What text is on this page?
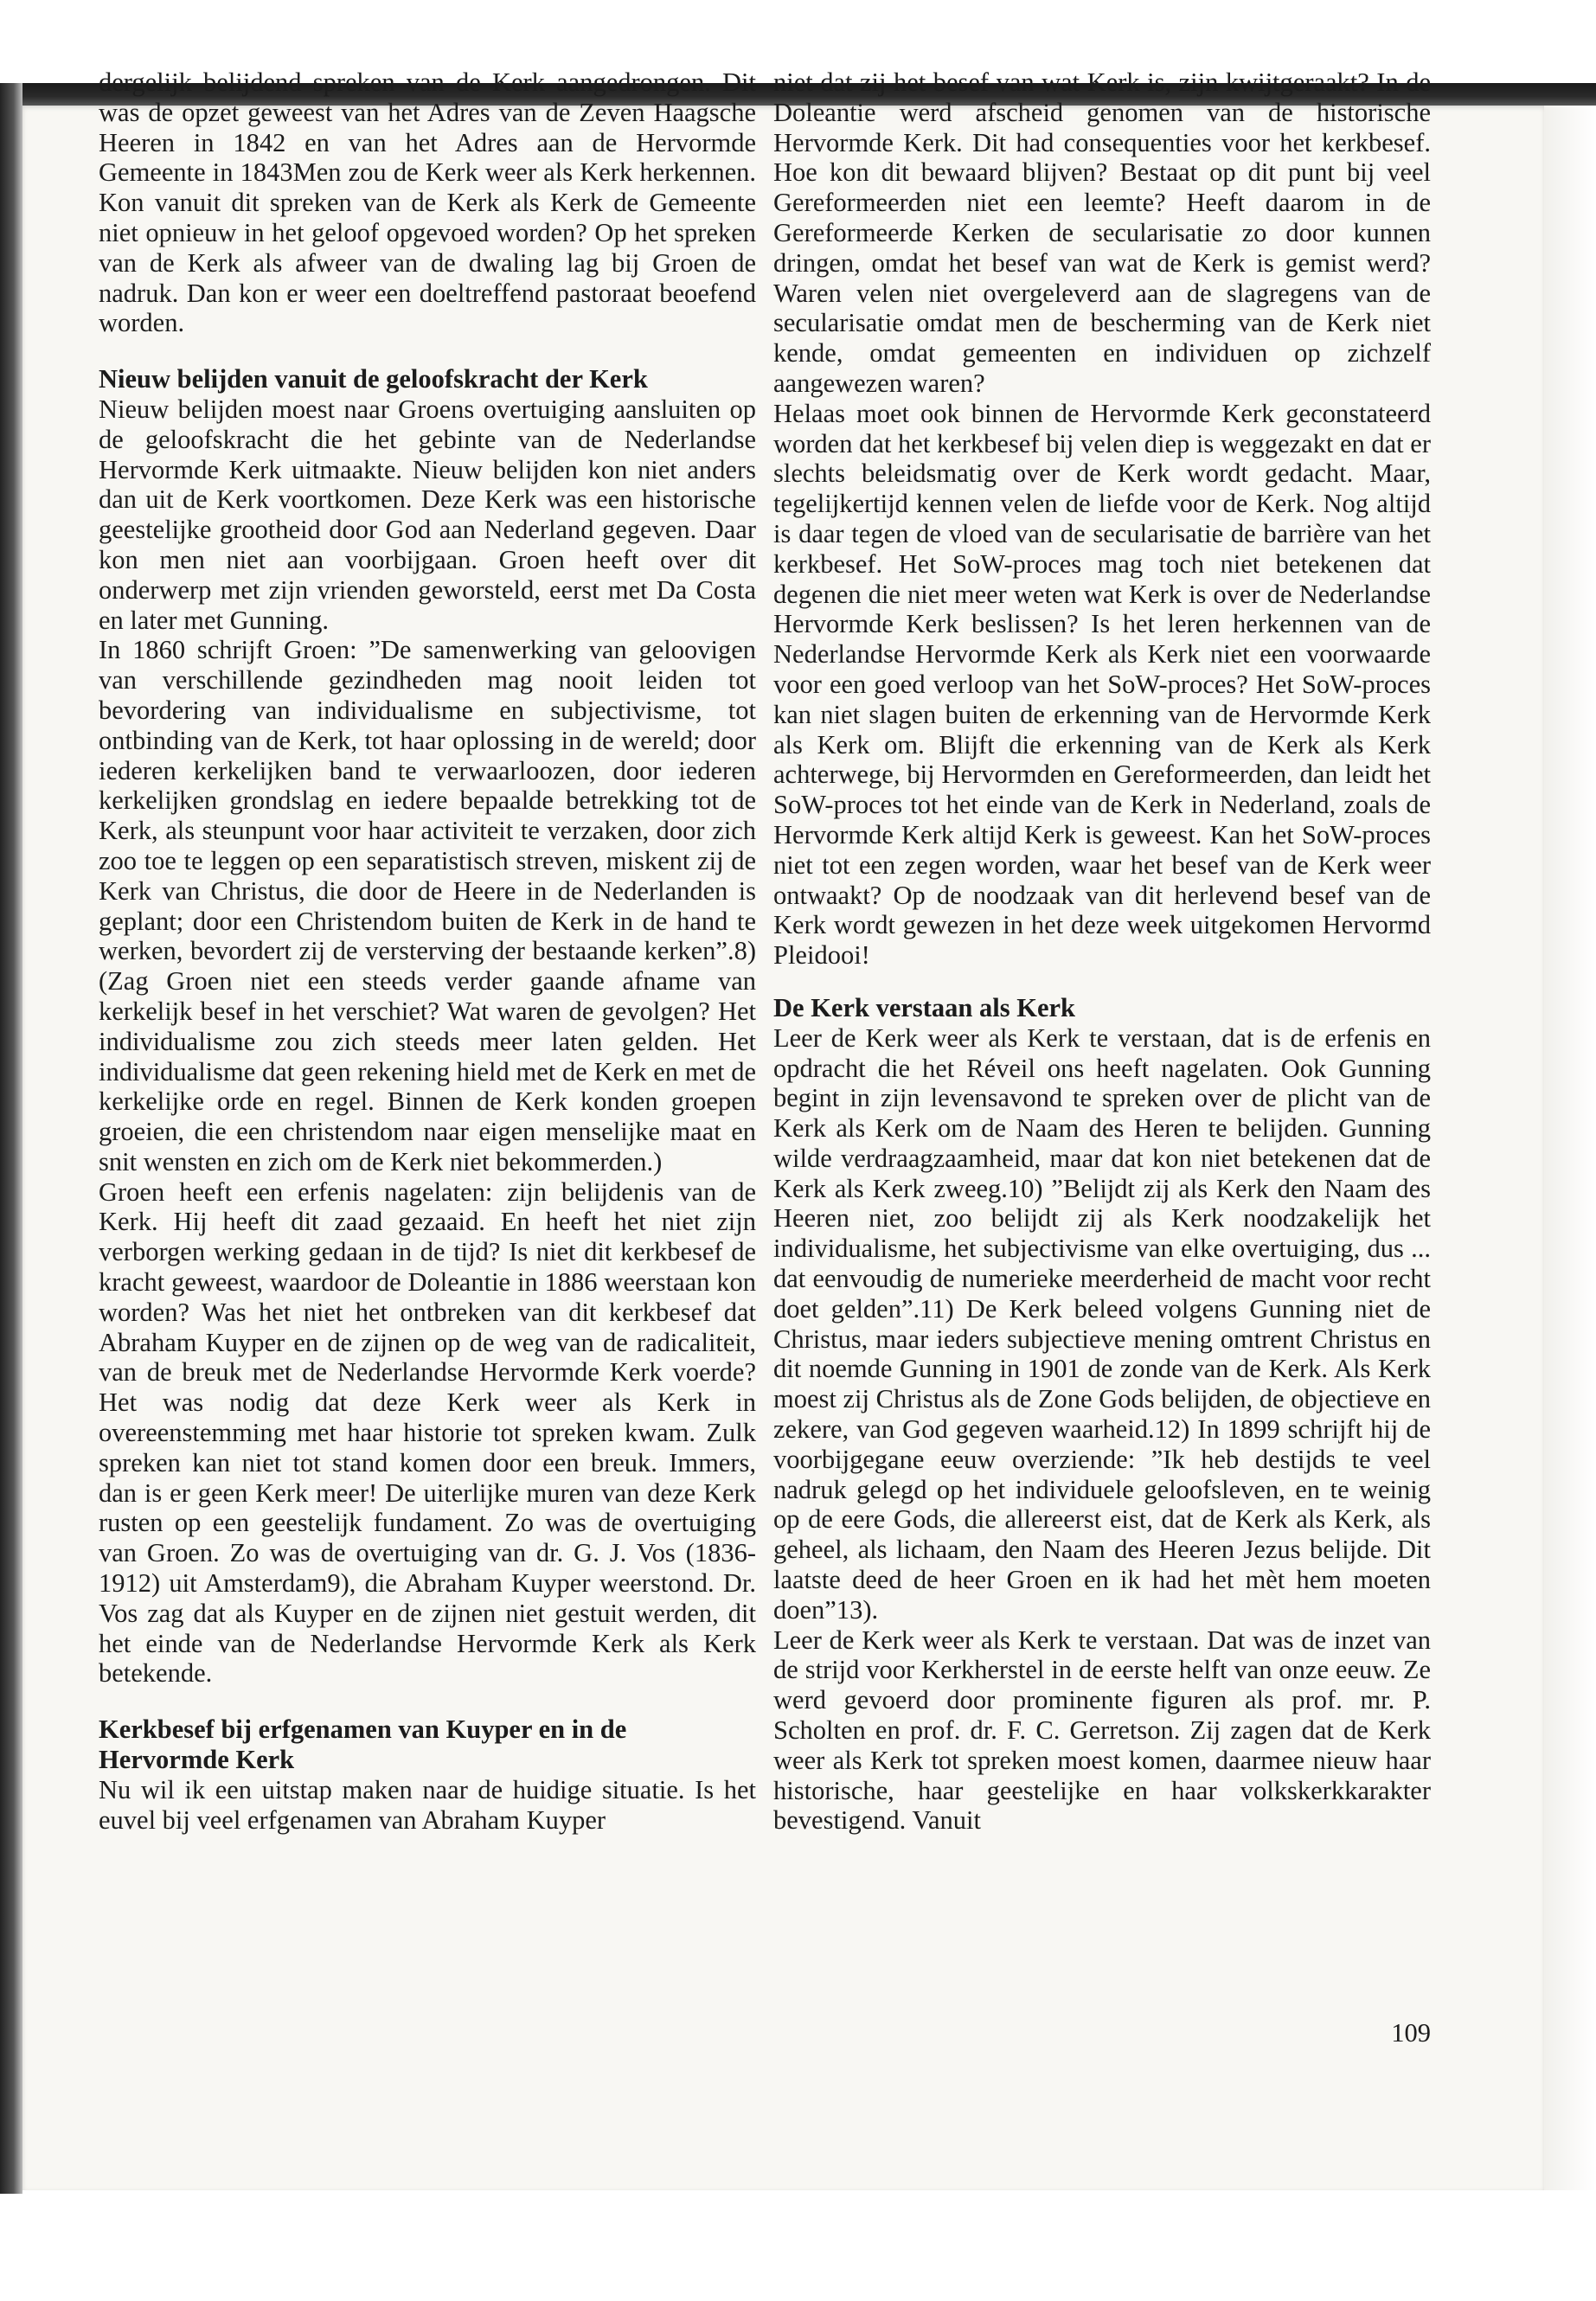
dergelijk belijdend spreken van de Kerk aangedrongen. Dit was de opzet geweest van het Adres van de Zeven Haagsche Heeren in 1842 en van het Adres aan de Hervormde Gemeente in 1843Men zou de Kerk weer als Kerk herkennen. Kon vanuit dit spreken van de Kerk als Kerk de Gemeente niet opnieuw in het geloof opgevoed worden? Op het spreken van de Kerk als afweer van de dwaling lag bij Groen de nadruk. Dan kon er weer een doeltreffend pastoraat beoefend worden.

Nieuw belijden vanuit de geloofskracht der Kerk

Nieuw belijden moest naar Groens overtuiging aansluiten op de geloofskracht die het gebinte van de Nederlandse Hervormde Kerk uitmaakte. Nieuw belijden kon niet anders dan uit de Kerk voortkomen. Deze Kerk was een historische geestelijke grootheid door God aan Nederland gegeven. Daar kon men niet aan voorbijgaan. Groen heeft over dit onderwerp met zijn vrienden geworsteld, eerst met Da Costa en later met Gunning.

In 1860 schrijft Groen: ”De samenwerking van geloovigen van verschillende gezindheden mag nooit leiden tot bevordering van individualisme en subjectivisme, tot ontbinding van de Kerk, tot haar oplossing in de wereld; door iederen kerkelijken band te verwaarloozen, door iederen kerkelijken grondslag en iedere bepaalde betrekking tot de Kerk, als steunpunt voor haar activiteit te verzaken, door zich zoo toe te leggen op een separatistisch streven, miskent zij de Kerk van Christus, die door de Heere in de Nederlanden is geplant; door een Christendom buiten de Kerk in de hand te werken, bevordert zij de versterving der bestaande kerken”.8) (Zag Groen niet een steeds verder gaande afname van kerkelijk besef in het verschiet? Wat waren de gevolgen? Het individualisme zou zich steeds meer laten gelden. Het individualisme dat geen rekening hield met de Kerk en met de kerkelijke orde en regel. Binnen de Kerk konden groepen groeien, die een christendom naar eigen menselijke maat en snit wensten en zich om de Kerk niet bekommerden.)

Groen heeft een erfenis nagelaten: zijn belijdenis van de Kerk. Hij heeft dit zaad gezaaid. En heeft het niet zijn verborgen werking gedaan in de tijd? Is niet dit kerkbesef de kracht geweest, waardoor de Doleantie in 1886 weerstaan kon worden? Was het niet het ontbreken van dit kerkbesef dat Abraham Kuyper en de zijnen op de weg van de radicaliteit, van de breuk met de Nederlandse Hervormde Kerk voerde? Het was nodig dat deze Kerk weer als Kerk in overeenstemming met haar historie tot spreken kwam. Zulk spreken kan niet tot stand komen door een breuk. Immers, dan is er geen Kerk meer! De uiterlijke muren van deze Kerk rusten op een geestelijk fundament. Zo was de overtuiging van Groen. Zo was de overtuiging van dr. G. J. Vos (1836-1912) uit Amsterdam9), die Abraham Kuyper weerstond. Dr. Vos zag dat als Kuyper en de zijnen niet gestuit werden, dit het einde van de Nederlandse Hervormde Kerk als Kerk betekende.

Kerkbesef bij erfgenamen van Kuyper en in de Hervormde Kerk

Nu wil ik een uitstap maken naar de huidige situatie. Is het euvel bij veel erfgenamen van Abraham Kuyper

niet dat zij het besef van wat Kerk is, zijn kwijtgeraakt? In de Doleantie werd afscheid genomen van de historische Hervormde Kerk. Dit had consequenties voor het kerkbesef. Hoe kon dit bewaard blijven? Bestaat op dit punt bij veel Gereformeerden niet een leemte? Heeft daarom in de Gereformeerde Kerken de secularisatie zo door kunnen dringen, omdat het besef van wat de Kerk is gemist werd? Waren velen niet overgeleverd aan de slagregens van de secularisatie omdat men de bescherming van de Kerk niet kende, omdat gemeenten en individuen op zichzelf aangewezen waren?

Helaas moet ook binnen de Hervormde Kerk geconstateerd worden dat het kerkbesef bij velen diep is weggezakt en dat er slechts beleidsmatig over de Kerk wordt gedacht. Maar, tegelijkertijd kennen velen de liefde voor de Kerk. Nog altijd is daar tegen de vloed van de secularisatie de barrière van het kerkbesef. Het SoW-proces mag toch niet betekenen dat degenen die niet meer weten wat Kerk is over de Nederlandse Hervormde Kerk beslissen? Is het leren herkennen van de Nederlandse Hervormde Kerk als Kerk niet een voorwaarde voor een goed verloop van het SoW-proces? Het SoW-proces kan niet slagen buiten de erkenning van de Hervormde Kerk als Kerk om. Blijft die erkenning van de Kerk als Kerk achterwege, bij Hervormden en Gereformeerden, dan leidt het SoW-proces tot het einde van de Kerk in Nederland, zoals de Hervormde Kerk altijd Kerk is geweest. Kan het SoW-proces niet tot een zegen worden, waar het besef van de Kerk weer ontwaakt? Op de noodzaak van dit herlevend besef van de Kerk wordt gewezen in het deze week uitgekomen Hervormd Pleidooi!

De Kerk verstaan als Kerk

Leer de Kerk weer als Kerk te verstaan, dat is de erfenis en opdracht die het Réveil ons heeft nagelaten. Ook Gunning begint in zijn levensavond te spreken over de plicht van de Kerk als Kerk om de Naam des Heren te belijden. Gunning wilde verdraagzaamheid, maar dat kon niet betekenen dat de Kerk als Kerk zweeg.10) ”Belijdt zij als Kerk den Naam des Heeren niet, zoo belijdt zij als Kerk noodzakelijk het individualisme, het subjectivisme van elke overtuiging, dus ... dat eenvoudig de numerieke meerderheid de macht voor recht doet gelden”.11) De Kerk beleed volgens Gunning niet de Christus, maar ieders subjectieve mening omtrent Christus en dit noemde Gunning in 1901 de zonde van de Kerk. Als Kerk moest zij Christus als de Zone Gods belijden, de objectieve en zekere, van God gegeven waarheid.12) In 1899 schrijft hij de voorbijgegane eeuw overziende: ”Ik heb destijds te veel nadruk gelegd op het individuele geloofsleven, en te weinig op de eere Gods, die allereerst eist, dat de Kerk als Kerk, als geheel, als lichaam, den Naam des Heeren Jezus belijde. Dit laatste deed de heer Groen en ik had het mèt hem moeten doen”13).

Leer de Kerk weer als Kerk te verstaan. Dat was de inzet van de strijd voor Kerkherstel in de eerste helft van onze eeuw. Ze werd gevoerd door prominente figuren als prof. mr. P. Scholten en prof. dr. F. C. Gerretson. Zij zagen dat de Kerk weer als Kerk tot spreken moest komen, daarmee nieuw haar historische, haar geestelijke en haar volkskerkkarakter bevestigend. Vanuit

109
